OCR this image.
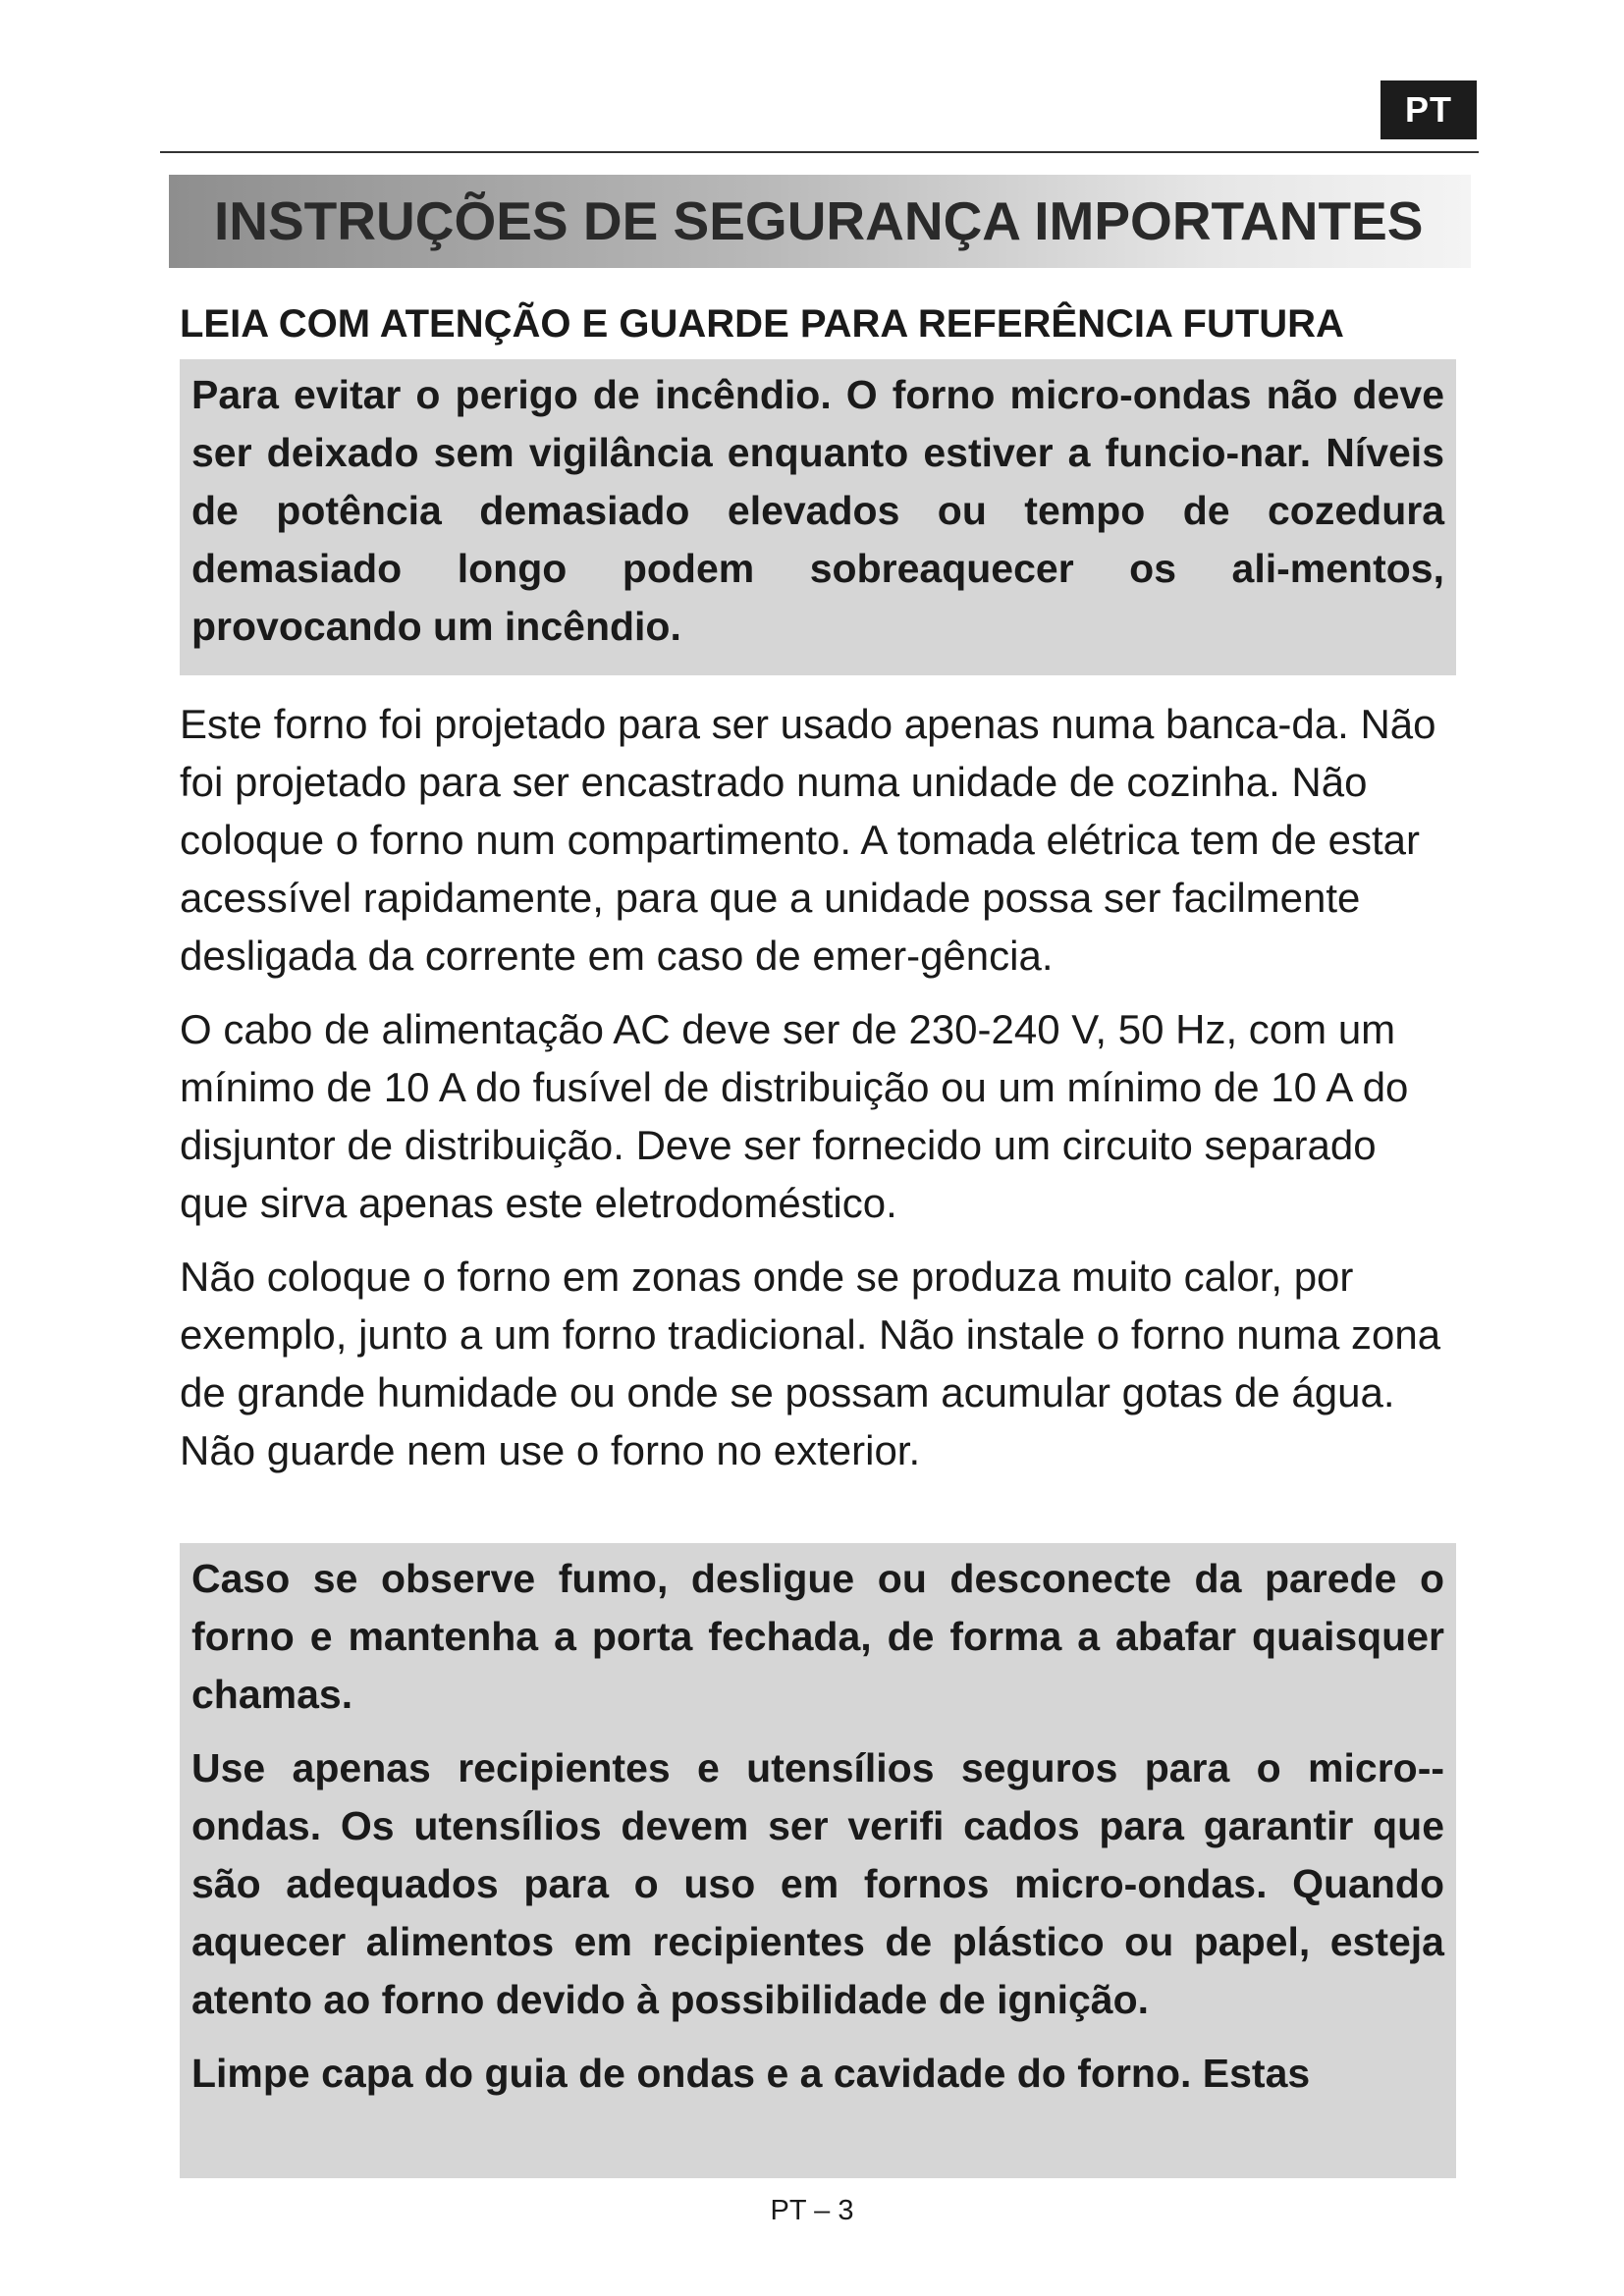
PT
INSTRUÇÕES DE SEGURANÇA IMPORTANTES
LEIA COM ATENÇÃO E GUARDE PARA REFERÊNCIA FUTURA

Para evitar o perigo de incêndio. O forno micro-ondas não deve ser deixado sem vigilância enquanto estiver a funcio-nar. Níveis de potência demasiado elevados ou tempo de cozedura demasiado longo podem sobreaquecer os ali-mentos, provocando um incêndio.

Este forno foi projetado para ser usado apenas numa banca-da. Não foi projetado para ser encastrado numa unidade de cozinha. Não coloque o forno num compartimento. A tomada elétrica tem de estar acessível rapidamente, para que a unidade possa ser facilmente desligada da corrente em caso de emer-gência.

O cabo de alimentação AC deve ser de 230-240 V, 50 Hz, com um mínimo de 10 A do fusível de distribuição ou um mínimo de 10 A do disjuntor de distribuição. Deve ser fornecido um circuito separado que sirva apenas este eletrodoméstico.

Não coloque o forno em zonas onde se produza muito calor, por exemplo, junto a um forno tradicional. Não instale o forno numa zona de grande humidade ou onde se possam acumular gotas de água. Não guarde nem use o forno no exterior.

Caso se observe fumo, desligue ou desconecte da parede o forno e mantenha a porta fechada, de forma a abafar quaisquer chamas.

Use apenas recipientes e utensílios seguros para o micro--ondas. Os utensílios devem ser verifi cados para garantir que são adequados para o uso em fornos micro-ondas. Quando aquecer alimentos em recipientes de plástico ou papel, esteja atento ao forno devido à possibilidade de ignição.

Limpe capa do guia de ondas e a cavidade do forno. Estas

PT – 3
